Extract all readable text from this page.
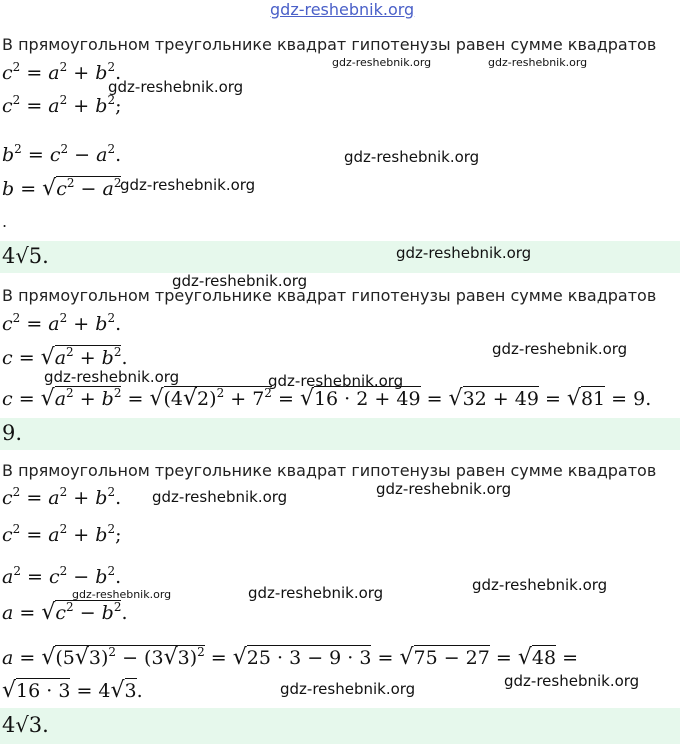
gdz-reshebnik.org
В прямоугольном треугольнике квадрат гипотенузы равен сумме квадратов
$c^2 = a^2 + b^2$.
$c^2 = a^2 + b^2$;
$b^2 = c^2 - a^2$.
$b = √c^2 - a^2$
.
4√5.
В прямоугольном треугольнике квадрат гипотенузы равен сумме квадратов
$c^2 = a^2 + b^2$.
$c = √a^2 + b^2$.
$c = √a^2 + b^2 = √(4√2)^2 + 7^2 = √16 \cdot 2 + 49 = √32 + 49 = √81 = 9$.
9.
В прямоугольном треугольнике квадрат гипотенузы равен сумме квадратов
$c^2 = a^2 + b^2$.
$c^2 = a^2 + b^2$;
$a^2 = c^2 - b^2$.
$a = √c^2 - b^2$.
$a = √(5√3)^2 - (3√3)^2 = √25 \cdot 3 - 9 \cdot 3 = √75 - 27 = √48$ =
√16 · 3 = 4√3.
4√3.
gdz-reshebnik.org	gdz-reshebnik.org
gdz-reshebnik.org
gdz-reshebnik.org
gdz-reshebnik.org
gdz-reshebnik.org
gdz-reshebnik.org
gdz-reshebnik.org
gdz-reshebnik.org	gdz-reshebnik.org
gdz-reshebnik.org	gdz-reshebnik.org
gdz-reshebnik.org
gdz-reshebnik.org
gdz-reshebnik.org
gdz-reshebnik.org
gdz-reshebnik.org
